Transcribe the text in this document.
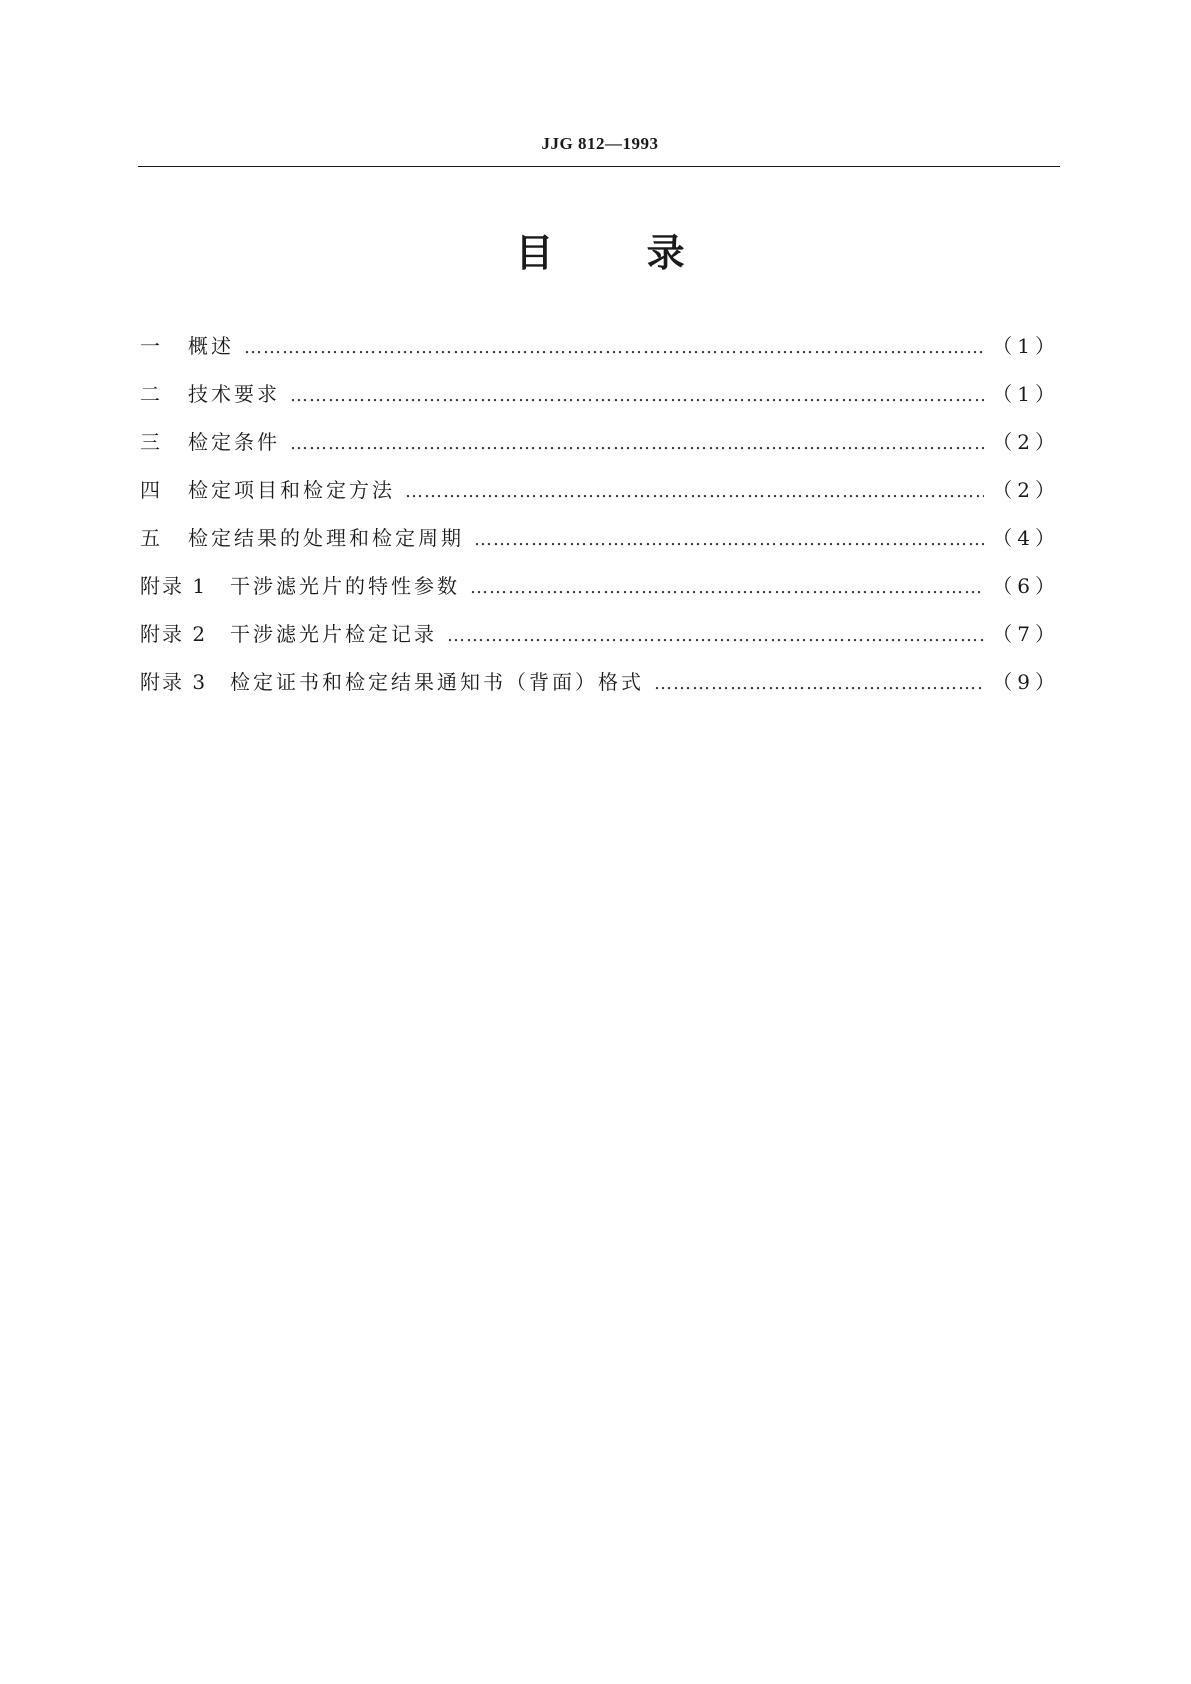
JJG 812—1993
目 录
一	概述 …………………………………………………………………………………………………………………………………………………………………………………………	（1）
二	技术要求 …………………………………………………………………………………………………………………………………………………………………………………………	（1）
三	检定条件 …………………………………………………………………………………………………………………………………………………………………………………………	（2）
四	检定项目和检定方法 …………………………………………………………………………………………………………………………………………………………………………………………	（2）
五	检定结果的处理和检定周期 …………………………………………………………………………………………………………………………………………………………………………………………	（4）
附录 1	干涉滤光片的特性参数 …………………………………………………………………………………………………………………………………………………………………………………………	（6）
附录 2	干涉滤光片检定记录 …………………………………………………………………………………………………………………………………………………………………………………………	（7）
附录 3	检定证书和检定结果通知书（背面）格式 …………………………………………………………………………………………………………………………………………………………………………………………	（9）
